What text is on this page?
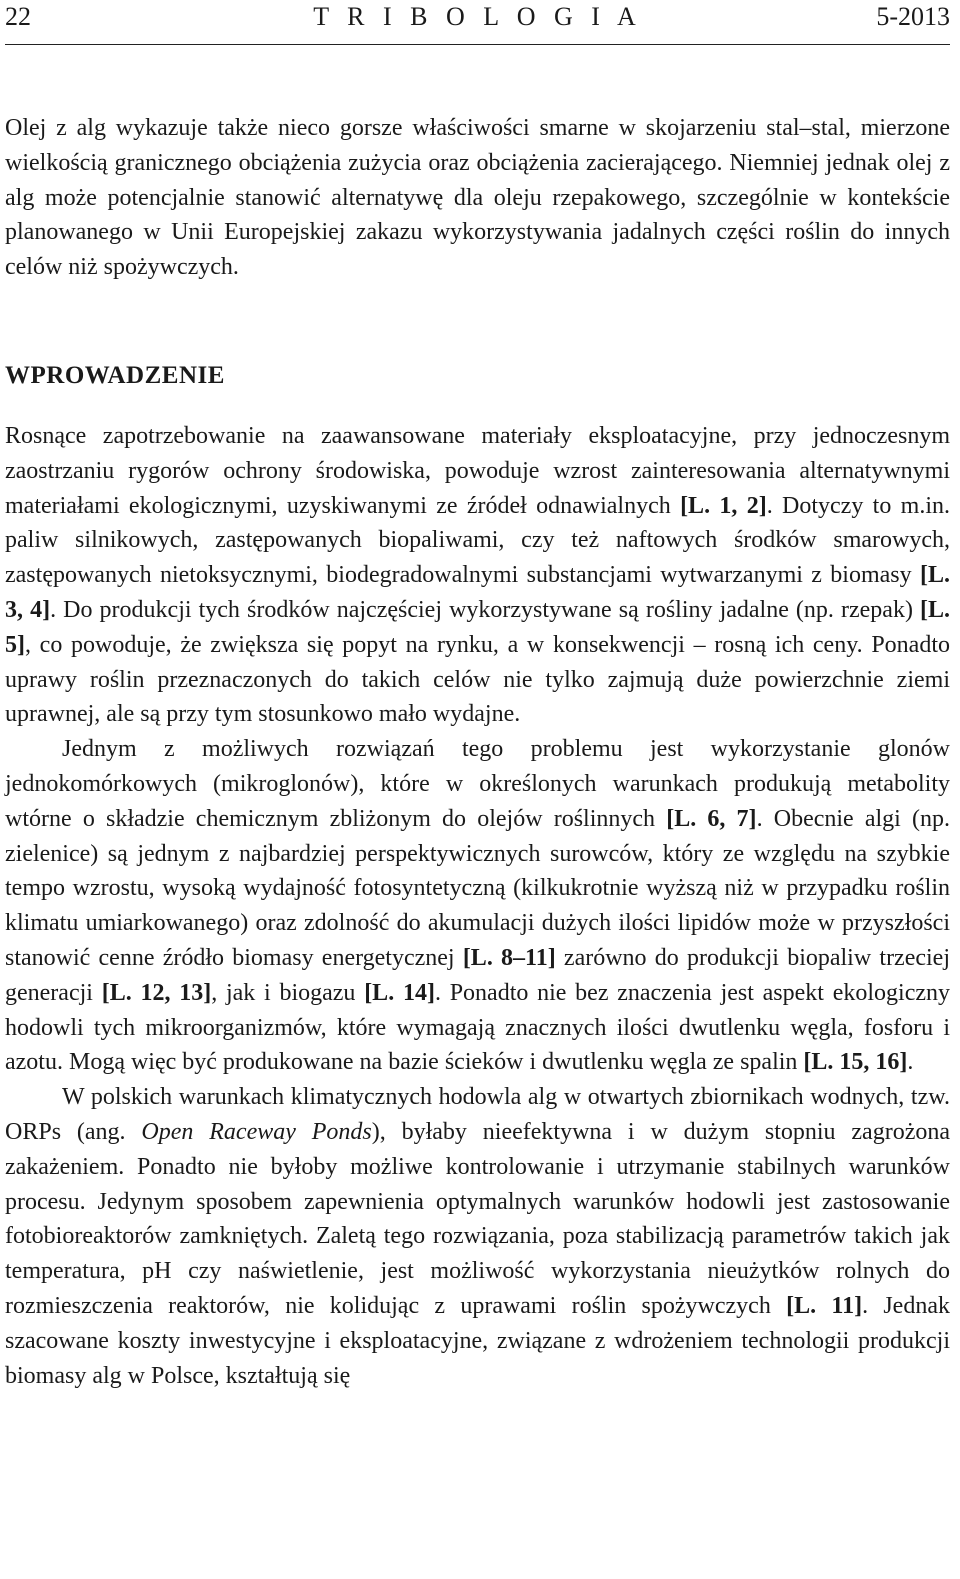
T R I B O L O G I A
22	5-2013

Olej z alg wykazuje także nieco gorsze właściwości smarne w skojarzeniu stal–stal, mierzone wielkością granicznego obciążenia zużycia oraz obciążenia zacierającego. Niemniej jednak olej z alg może potencjalnie stanowić alternatywę dla oleju rzepakowego, szczególnie w kontekście planowanego w Unii Europejskiej zakazu wykorzystywania jadalnych części roślin do innych celów niż spożywczych.

WPROWADZENIE

Rosnące zapotrzebowanie na zaawansowane materiały eksploatacyjne, przy jednoczesnym zaostrzaniu rygorów ochrony środowiska, powoduje wzrost zainteresowania alternatywnymi materiałami ekologicznymi, uzyskiwanymi ze źródeł odnawialnych [L. 1, 2]. Dotyczy to m.in. paliw silnikowych, zastępowanych biopaliwami, czy też naftowych środków smarowych, zastępowanych nietoksycznymi, biodegradowalnymi substancjami wytwarzanymi z biomasy [L. 3, 4]. Do produkcji tych środków najczęściej wykorzystywane są rośliny jadalne (np. rzepak) [L. 5], co powoduje, że zwiększa się popyt na rynku, a w konsekwencji – rosną ich ceny. Ponadto uprawy roślin przeznaczonych do takich celów nie tylko zajmują duże powierzchnie ziemi uprawnej, ale są przy tym stosunkowo mało wydajne.

Jednym z możliwych rozwiązań tego problemu jest wykorzystanie glonów jednokomórkowych (mikroglonów), które w określonych warunkach produkują metabolity wtórne o składzie chemicznym zbliżonym do olejów roślinnych [L. 6, 7]. Obecnie algi (np. zielenice) są jednym z najbardziej perspektywicznych surowców, który ze względu na szybkie tempo wzrostu, wysoką wydajność fotosyntetyczną (kilkukrotnie wyższą niż w przypadku roślin klimatu umiarkowanego) oraz zdolność do akumulacji dużych ilości lipidów może w przyszłości stanowić cenne źródło biomasy energetycznej [L. 8–11] zarówno do produkcji biopaliw trzeciej generacji [L. 12, 13], jak i biogazu [L. 14]. Ponadto nie bez znaczenia jest aspekt ekologiczny hodowli tych mikroorganizmów, które wymagają znacznych ilości dwutlenku węgla, fosforu i azotu. Mogą więc być produkowane na bazie ścieków i dwutlenku węgla ze spalin [L. 15, 16].

W polskich warunkach klimatycznych hodowla alg w otwartych zbiornikach wodnych, tzw. ORPs (ang. Open Raceway Ponds), byłaby nieefektywna i w dużym stopniu zagrożona zakażeniem. Ponadto nie byłoby możliwe kontrolowanie i utrzymanie stabilnych warunków procesu. Jedynym sposobem zapewnienia optymalnych warunków hodowli jest zastosowanie fotobioreaktorów zamkniętych. Zaletą tego rozwiązania, poza stabilizacją parametrów takich jak temperatura, pH czy naświetlenie, jest możliwość wykorzystania nieużytków rolnych do rozmieszczenia reaktorów, nie kolidując z uprawami roślin spożywczych [L. 11]. Jednak szacowane koszty inwestycyjne i eksploatacyjne, związane z wdrożeniem technologii produkcji biomasy alg w Polsce, kształtują się
